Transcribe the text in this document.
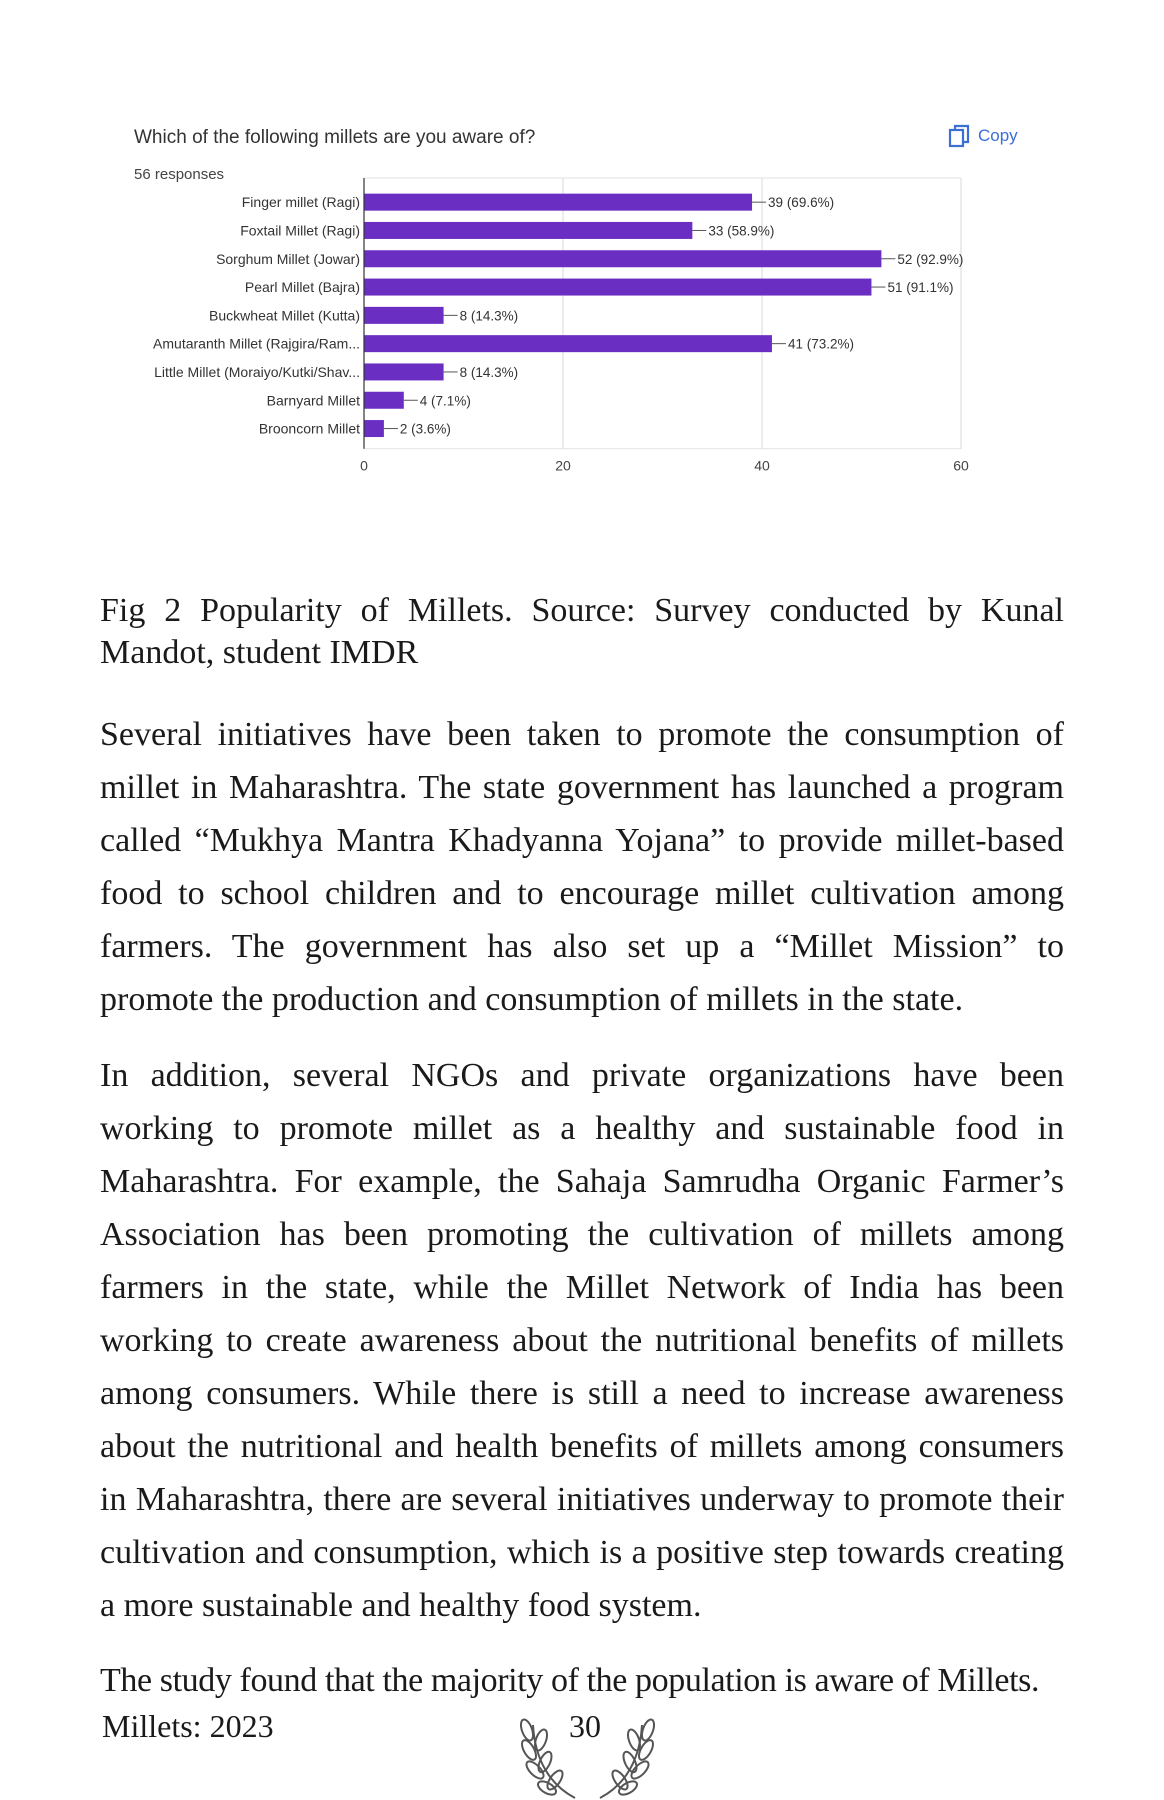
0	20	40	60
Finger millet (Ragi)	39 (69.6%)
Foxtail Millet (Ragi)	33 (58.9%)
Sorghum Millet (Jowar)	52 (92.9%)
Pearl Millet (Bajra)	51 (91.1%)
Buckwheat Millet (Kutta)	8 (14.3%)
Amutaranth Millet (Rajgira/Ram...	41 (73.2%)
Little Millet (Moraiyo/Kutki/Shav...	8 (14.3%)
Barnyard Millet	4 (7.1%)
Brooncorn Millet	2 (3.6%)
Which of the following millets are you aware of?
56 responses
Copy

Fig 2 Popularity of Millets. Source: Survey conducted by Kunal Mandot, student IMDR

Several initiatives have been taken to promote the consumption of millet in Maharashtra. The state government has launched a program called “Mukhya Mantra Khadyanna Yojana” to provide millet-based food to school children and to encourage millet cultivation among farmers. The government has also set up a “Millet Mission” to promote the production and consumption of millets in the state.

In addition, several NGOs and private organizations have been working to promote millet as a healthy and sustainable food in Maharashtra. For example, the Sahaja Samrudha Organic Farmer’s Association has been promoting the cultivation of millets among farmers in the state, while the Millet Network of India has been working to create awareness about the nutritional benefits of millets among consumers. While there is still a need to increase awareness about the nutritional and health benefits of millets among consumers in Maharashtra, there are several initiatives underway to promote their cultivation and consumption, which is a positive step towards creating a more sustainable and healthy food system.

The study found that the majority of the population is aware of Millets.

Millets: 2023	30
